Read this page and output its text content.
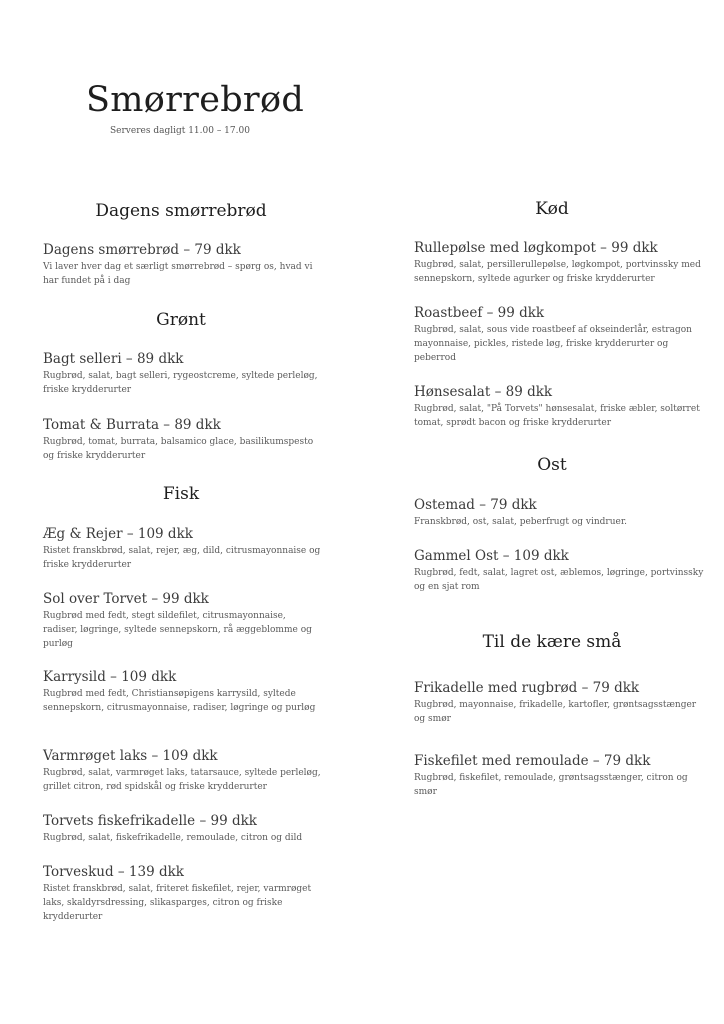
Smørrebrød
Serveres dagligt 11.00 – 17.00
Dagens smørrebrød
Dagens smørrebrød – 79 dkk
Vi laver hver dag et særligt smørrebrød – spørg os, hvad vi har fundet på i dag
Grønt
Bagt selleri – 89 dkk
Rugbrød, salat, bagt selleri, rygeostcreme, syltede perleløg, friske krydderurter
Tomat & Burrata – 89 dkk
Rugbrød, tomat, burrata, balsamico glace, basilikumspesto og friske krydderurter
Fisk
Æg & Rejer – 109 dkk
Ristet franskbrød, salat, rejer, æg, dild, citrusmayonnaise og friske krydderurter
Sol over Torvet – 99 dkk
Rugbrød med fedt, stegt sildefilet, citrusmayonnaise, radiser, løgringe, syltede sennepskorn, rå æggeblomme og purløg
Karrysild – 109 dkk
Rugbrød med fedt, Christiansøpigens karrysild, syltede sennepskorn, citrusmayonnaise, radiser, løgringe og purløg
Varmrøget laks – 109 dkk
Rugbrød, salat, varmrøget laks, tatarsauce, syltede perleløg, grillet citron, rød spidskål og friske krydderurter
Torvets fiskefrikadelle – 99 dkk
Rugbrød, salat, fiskefrikadelle, remoulade, citron og dild
Torveskud – 139 dkk
Ristet franskbrød, salat, friteret fiskefilet, rejer, varmrøget laks, skaldyrsdressing, slikasparges, citron og friske krydderurter
Kød
Rullepølse med løgkompot – 99 dkk
Rugbrød, salat, persillerullepølse, løgkompot, portvinssky med sennepskorn, syltede agurker og friske krydderurter
Roastbeef – 99 dkk
Rugbrød, salat, sous vide roastbeef af okseinderlår, estragon mayonnaise, pickles, ristede løg, friske krydderurter og peberrod
Hønsesalat – 89 dkk
Rugbrød, salat, "På Torvets" hønsesalat, friske æbler, soltørret tomat, sprødt bacon og friske krydderurter
Ost
Ostemad – 79 dkk
Franskbrød, ost, salat, peberfrugt og vindruer.
Gammel Ost – 109 dkk
Rugbrød, fedt, salat, lagret ost, æblemos, løgringe, portvinssky og en sjat rom
Til de kære små
Frikadelle med rugbrød – 79 dkk
Rugbrød, mayonnaise, frikadelle, kartofler, grøntsagsstænger og smør
Fiskefilet med remoulade – 79 dkk
Rugbrød, fiskefilet, remoulade, grøntsagsstænger, citron og smør
